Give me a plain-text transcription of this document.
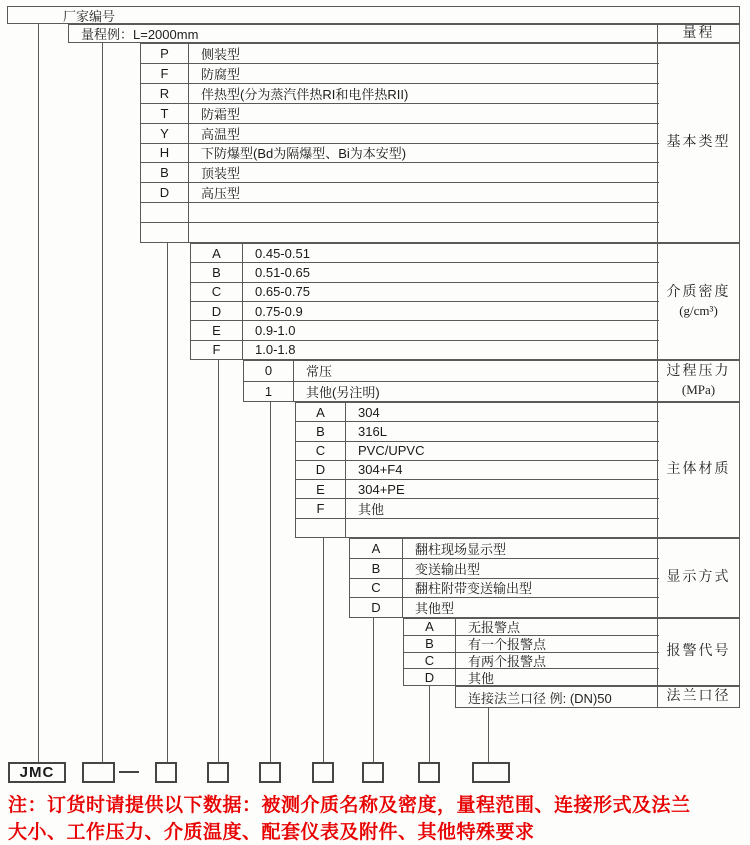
厂家编号
量程例：L=2000mm	量程
P	侧装型
F	防腐型
R	伴热型(分为蒸汽伴热RI和电伴热RII)
T	防霜型
Y	高温型
H	下防爆型(Bd为隔爆型、Bi为本安型)
B	顶装型
D	高压型
基本类型
A	0.45-0.51
B	0.51-0.65
C	0.65-0.75
D	0.75-0.9
E	0.9-1.0
F	1.0-1.8
介质密度
(g/cm³)
0	常压
1	其他(另注明)
过程压力
(MPa)
A	304
B	316L
C	PVC/UPVC
D	304+F4
E	304+PE
F	其他
主体材质
A	翻柱现场显示型
B	变送输出型
C	翻柱附带变送输出型
D	其他型
显示方式
A	无报警点
B	有一个报警点
C	有两个报警点
D	其他
报警代号
连接法兰口径 例: (DN)50	法兰口径
JMC
注：订货时请提供以下数据：被测介质名称及密度，量程范围、连接形式及法兰
大小、工作压力、介质温度、配套仪表及附件、其他特殊要求
